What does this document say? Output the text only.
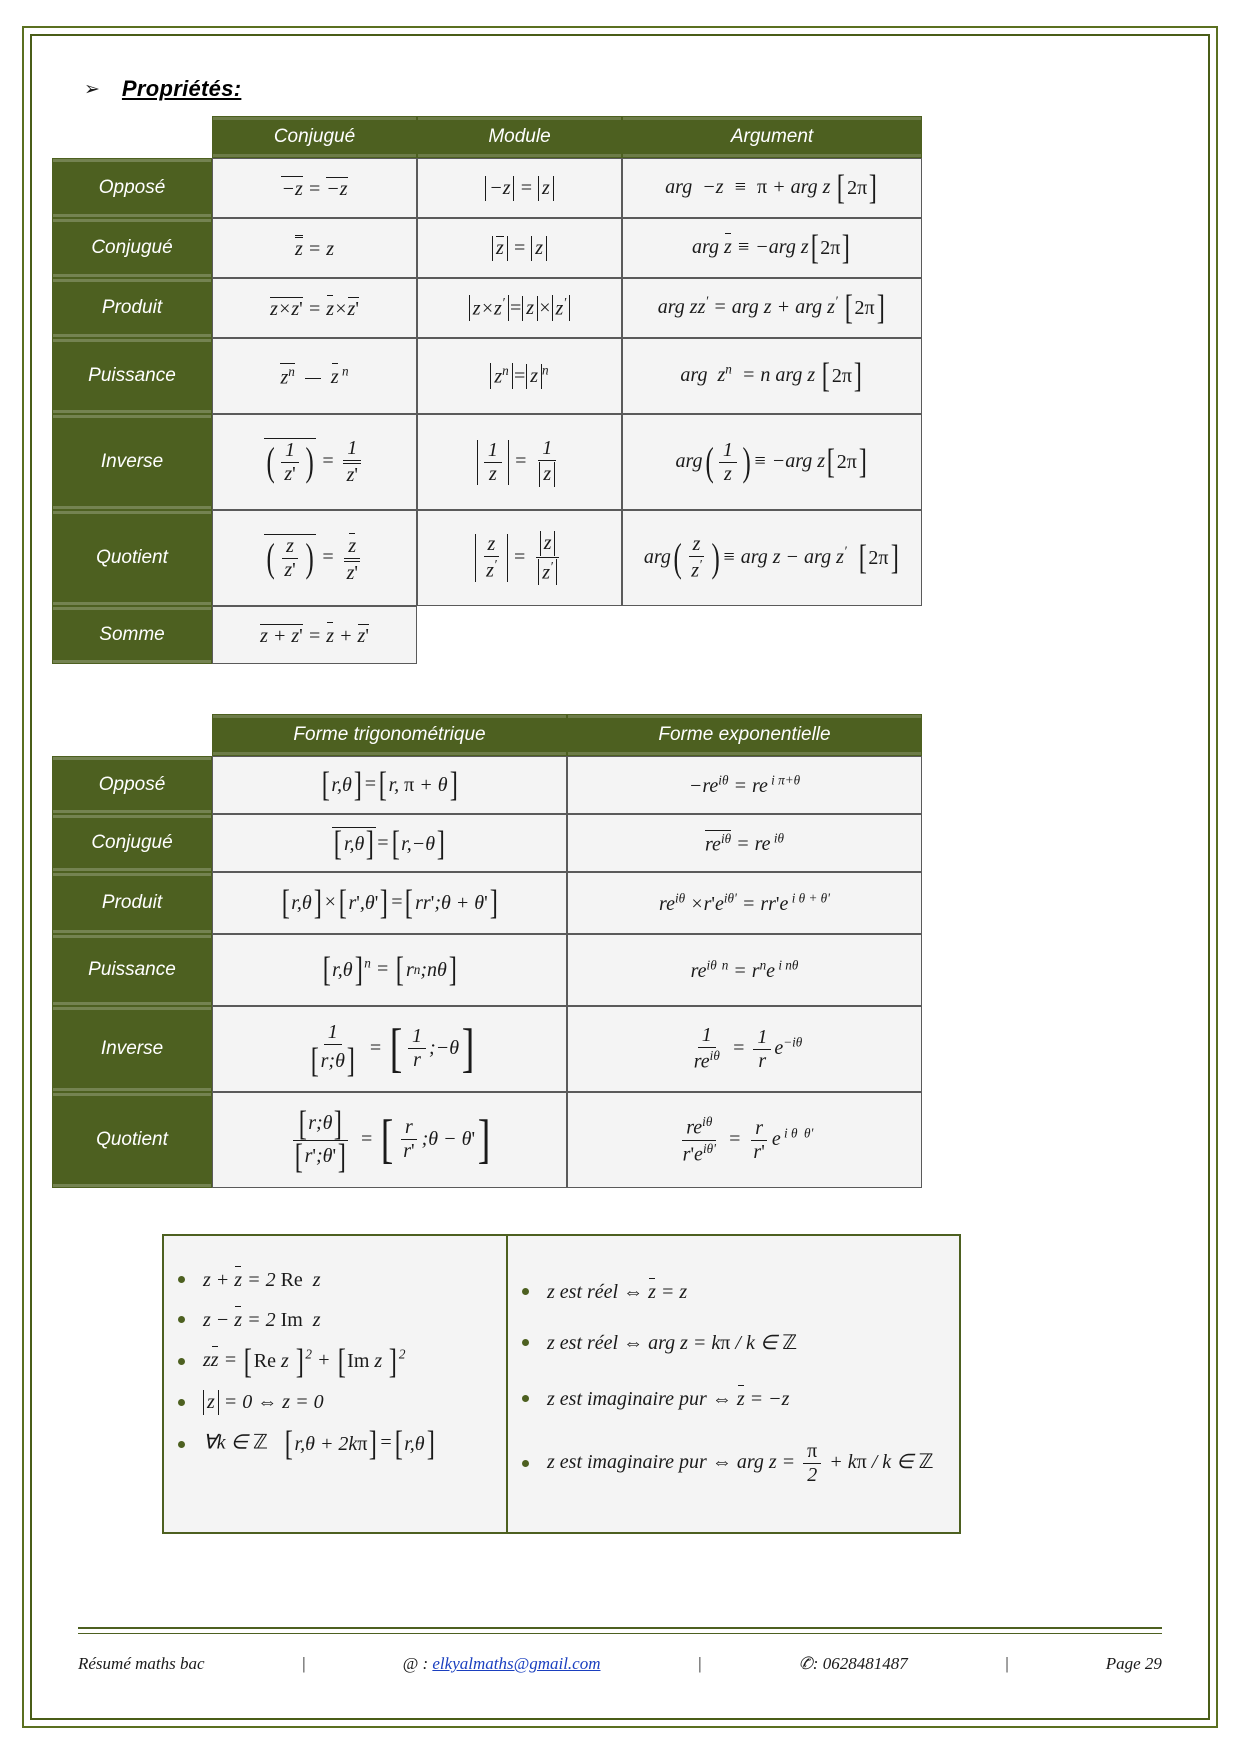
➢ Propriétés:
	Conjugué	Module	Argument
Opposé	−z = −z	−z = z	arg  −z  ≡  π + arg z [ 2 π ]

Conjugué	z = z	z = z	arg z ≡ −arg z [ 2π ]

Produit	z×z' = z×z'	z×z′ = z × z′	arg zz′ = arg z + arg z′ [ 2π ]

Puissance	$z^n$ z $^n$	$z^n = z$ $^n$	arg  $z^n = n$ arg z [ 2π ]

Inverse	( $\frac{1}{z'}$ ) = $\frac{1}{z'}$	$\frac{1}{z} = \frac{1}{z}$	arg ( $\frac{1}{z}$ ) ≡ −arg z [ 2π ]

Quotient	( $\frac{z}{z'}$ ) = $\frac{z}{z'}$	$\frac{z}{z'} = \frac{z}{z'}$	arg ( $\frac{z}{z'}$ ) ≡ arg z − arg z′ [ 2π ]

Somme	z + z' = z + z'		
	Forme trigonométrique	Forme exponentielle
Opposé	[ r,θ ] = [ r, π + θ ]	$-re^{i\theta}$ = re $^{i \pi+\theta}$
Conjugué	[ r,θ ] = [ r,−θ ]	$re^{i\theta}$ = re $^{i\theta}$
Produit	[ r,θ ] × [ r ' ,θ ' ] = [ rr ' ;θ + θ ' ]	$re^{i\theta} \times r'e^{i\theta'} = rr'e$ $^{i \theta + \theta'}$
Puissance	[ r,θ ] $^n$ = [ r n ;nθ ]	$re^{i\theta}$ $^n = r^ne$ $^{i n\theta}$
Inverse	$\frac{1}{[ r;\theta ]}$ = [ $\frac{1}{r}$ ;−θ ]	$\frac{1}{re^{i\theta}} = \frac{1}{r} e^{-i\theta}$
Quotient	$\frac{[ r;\theta ]}{[ r ' ;\theta ' ]}$ = [ $\frac{r}{r'}$ ;θ − θ ' ]	$\frac{re^{i\theta}}{r'e^{i\theta'}} = \frac{r}{r'}$ e $^{i \theta \theta'}$
z + z = 2 Re  z
z − z = 2 Im  z
zz = [ Re z ] $^2$ + [ Im z ] $^2$
z = 0 ⇔ z = 0
∀k ∈ ℤ [ r,θ + 2k π ] = [ r,θ ]
z est réel ⇔ z = z
z est réel ⇔ arg z = kπ / k ∈ ℤ
z est imaginaire pur ⇔ z = −z
z est imaginaire pur ⇔ arg $z = \frac{\pi}{2} + k\pi / k$ ∈ ℤ
Résumé maths bac	|	@ : elkyalmaths@gmail.com	|	✆: 0628481487	|	Page 29
